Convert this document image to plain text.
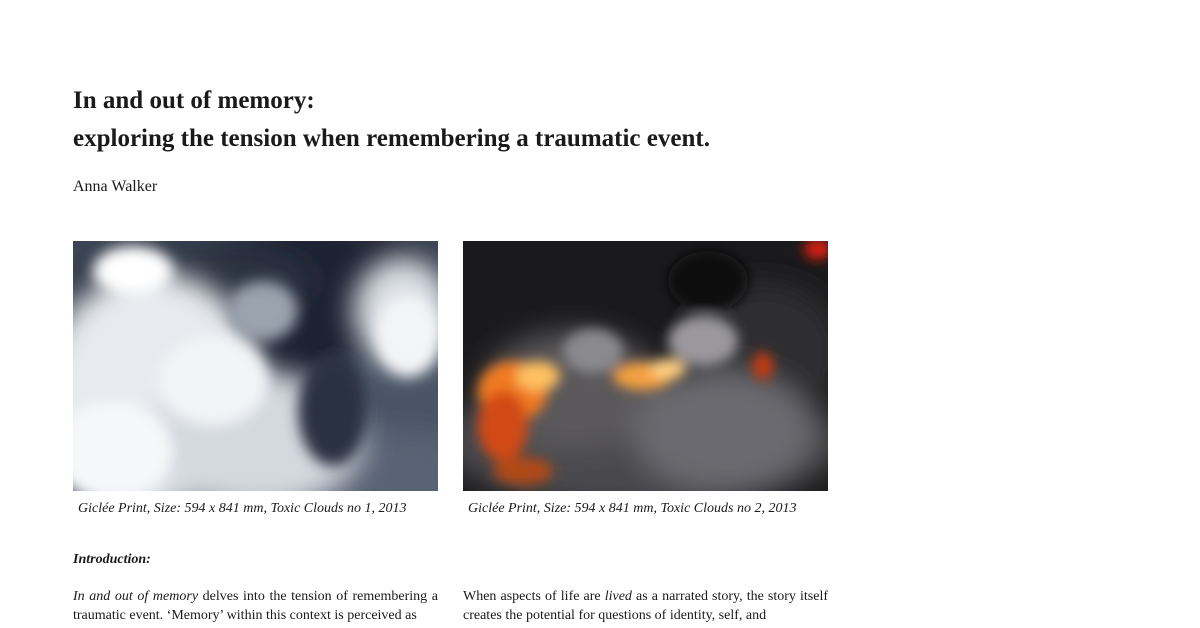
In and out of memory:
exploring the tension when remembering a traumatic event.

Anna Walker

Giclée Print, Size: 594 x 841 mm, Toxic Clouds no 1, 2013	Giclée Print, Size: 594 x 841 mm, Toxic Clouds no 2, 2013

Introduction:

In and out of memory delves into the tension of remembering a traumatic event. ‘Memory’ within this context is perceived as

When aspects of life are lived as a narrated story, the story itself creates the potential for questions of identity, self, and
